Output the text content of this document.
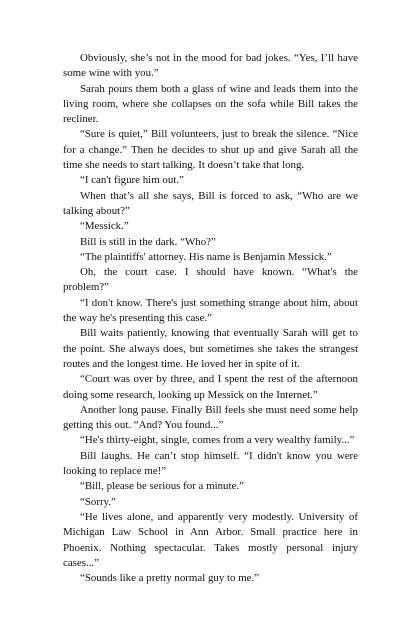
Obviously, she’s not in the mood for bad jokes. “Yes, I’ll have some wine with you.”

Sarah pours them both a glass of wine and leads them into the living room, where she collapses on the sofa while Bill takes the recliner.

“Sure is quiet,” Bill volunteers, just to break the silence. “Nice for a change.” Then he decides to shut up and give Sarah all the time she needs to start talking. It doesn’t take that long.

“I can't figure him out.”

When that’s all she says, Bill is forced to ask, “Who are we talking about?”

“Messick.”

Bill is still in the dark. “Who?”

“The plaintiffs' attorney. His name is Benjamin Messick.”

Oh, the court case. I should have known. “What's the problem?”

“I don't know. There's just something strange about him, about the way he's presenting this case.”

Bill waits patiently, knowing that eventually Sarah will get to the point. She always does, but sometimes she takes the strangest routes and the longest time. He loved her in spite of it.

“Court was over by three, and I spent the rest of the afternoon doing some research, looking up Messick on the Internet.”

Another long pause. Finally Bill feels she must need some help getting this out. “And? You found...”

“He's thirty-eight, single, comes from a very wealthy family...”

Bill laughs. He can’t stop himself. “I didn't know you were looking to replace me!”

“Bill, please be serious for a minute.”

“Sorry.”

“He lives alone, and apparently very modestly. University of Michigan Law School in Ann Arbor. Small practice here in Phoenix. Nothing spectacular. Takes mostly personal injury cases...”

“Sounds like a pretty normal guy to me.”
